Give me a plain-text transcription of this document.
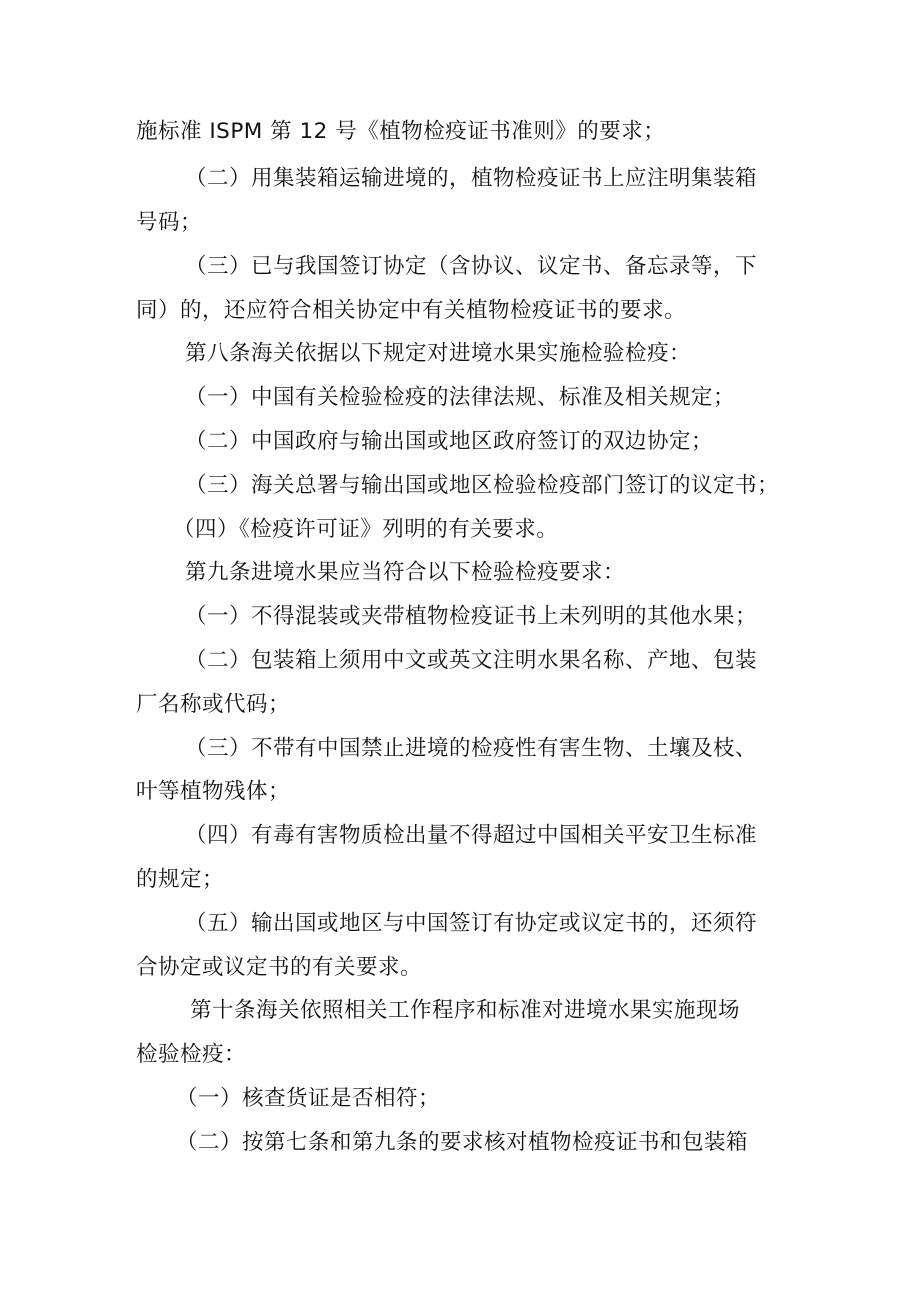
施标准 ISPM 第 12 号《植物检疫证书准则》的要求；
（二）用集装箱运输进境的，植物检疫证书上应注明集装箱
号码；
（三）已与我国签订协定（含协议、议定书、备忘录等，下
同）的，还应符合相关协定中有关植物检疫证书的要求。
第八条海关依据以下规定对进境水果实施检验检疫：
（一）中国有关检验检疫的法律法规、标准及相关规定；
（二）中国政府与输出国或地区政府签订的双边协定；
（三）海关总署与输出国或地区检验检疫部门签订的议定书；
（四）《检疫许可证》列明的有关要求。
第九条进境水果应当符合以下检验检疫要求：
（一）不得混装或夹带植物检疫证书上未列明的其他水果；
（二）包装箱上须用中文或英文注明水果名称、产地、包装
厂名称或代码；
（三）不带有中国禁止进境的检疫性有害生物、土壤及枝、
叶等植物残体；
（四）有毒有害物质检出量不得超过中国相关平安卫生标准
的规定；
（五）输出国或地区与中国签订有协定或议定书的，还须符
合协定或议定书的有关要求。
第十条海关依照相关工作程序和标准对进境水果实施现场
检验检疫：
（一）核查货证是否相符；
（二）按第七条和第九条的要求核对植物检疫证书和包装箱
